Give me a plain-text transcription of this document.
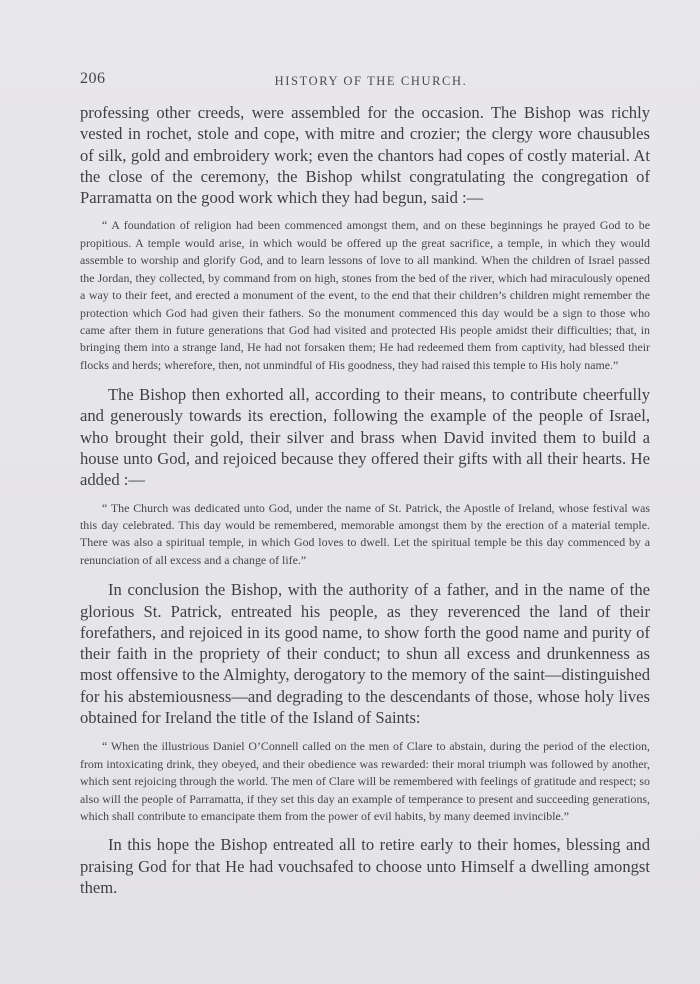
206	HISTORY OF THE CHURCH.

professing other creeds, were assembled for the occasion. The Bishop was richly vested in rochet, stole and cope, with mitre and crozier; the clergy wore chausubles of silk, gold and embroidery work; even the chantors had copes of costly material. At the close of the ceremony, the Bishop whilst congratulating the congregation of Parramatta on the good work which they had begun, said :—

“ A foundation of religion had been commenced amongst them, and on these beginnings he prayed God to be propitious. A temple would arise, in which would be offered up the great sacrifice, a temple, in which they would assemble to worship and glorify God, and to learn lessons of love to all mankind. When the children of Israel passed the Jordan, they collected, by command from on high, stones from the bed of the river, which had miraculously opened a way to their feet, and erected a monument of the event, to the end that their children’s children might remember the protection which God had given their fathers. So the monument commenced this day would be a sign to those who came after them in future generations that God had visited and protected His people amidst their difficulties; that, in bringing them into a strange land, He had not forsaken them; He had redeemed them from captivity, had blessed their flocks and herds; wherefore, then, not unmindful of His goodness, they had raised this temple to His holy name.”

The Bishop then exhorted all, according to their means, to contribute cheerfully and generously towards its erection, following the example of the people of Israel, who brought their gold, their silver and brass when David invited them to build a house unto God, and rejoiced because they offered their gifts with all their hearts. He added :—

“ The Church was dedicated unto God, under the name of St. Patrick, the Apostle of Ireland, whose festival was this day celebrated. This day would be remembered, memorable amongst them by the erection of a material temple. There was also a spiritual temple, in which God loves to dwell. Let the spiritual temple be this day commenced by a renunciation of all excess and a change of life.”

In conclusion the Bishop, with the authority of a father, and in the name of the glorious St. Patrick, entreated his people, as they reverenced the land of their forefathers, and rejoiced in its good name, to show forth the good name and purity of their faith in the propriety of their conduct; to shun all excess and drunkenness as most offensive to the Almighty, derogatory to the memory of the saint—distinguished for his abstemiousness—and degrading to the descendants of those, whose holy lives obtained for Ireland the title of the Island of Saints:

“ When the illustrious Daniel O’Connell called on the men of Clare to abstain, during the period of the election, from intoxicating drink, they obeyed, and their obedience was rewarded: their moral triumph was followed by another, which sent rejoicing through the world. The men of Clare will be remembered with feelings of gratitude and respect; so also will the people of Parramatta, if they set this day an example of temperance to present and succeeding generations, which shall contribute to emancipate them from the power of evil habits, by many deemed invincible.”

In this hope the Bishop entreated all to retire early to their homes, blessing and praising God for that He had vouchsafed to choose unto Himself a dwelling amongst them.
